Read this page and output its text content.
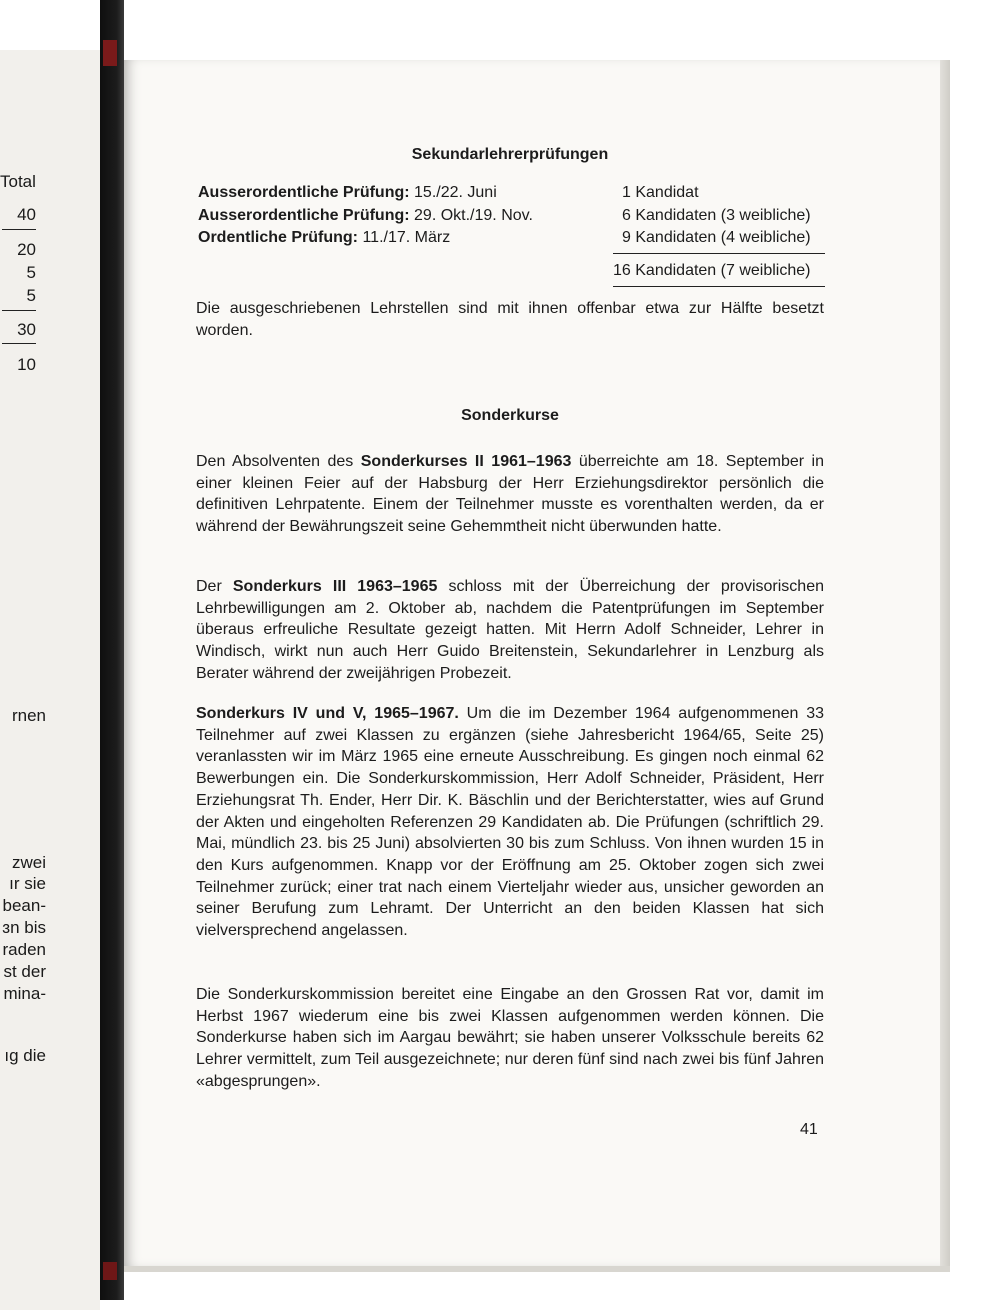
Total
40
20
5
5
30
10
rnen
zwei
ır sie
bean-
ɜn bis
raden
st der
mina-
ıg die
Sekundarlehrerprüfungen
Ausserordentliche Prüfung: 15./22. Juni	1 Kandidat
Ausserordentliche Prüfung: 29. Okt./19. Nov.	6 Kandidaten (3 weibliche)
Ordentliche Prüfung: 11./17. März	9 Kandidaten (4 weibliche)
16 Kandidaten (7 weibliche)

Die ausgeschriebenen Lehrstellen sind mit ihnen offenbar etwa zur Hälfte besetzt worden.

Sonderkurse

Den Absolventen des Sonderkurses II 1961–1963 überreichte am 18. September in einer kleinen Feier auf der Habsburg der Herr Erziehungsdirektor persönlich die definitiven Lehrpatente. Einem der Teilnehmer musste es vorenthalten werden, da er während der Bewährungszeit seine Gehemmtheit nicht überwunden hatte.

Der Sonderkurs III 1963–1965 schloss mit der Überreichung der provisorischen Lehrbewilligungen am 2. Oktober ab, nachdem die Patentprüfungen im September überaus erfreuliche Resultate gezeigt hatten. Mit Herrn Adolf Schneider, Lehrer in Windisch, wirkt nun auch Herr Guido Breitenstein, Sekundarlehrer in Lenzburg als Berater während der zweijährigen Probezeit.

Sonderkurs IV und V, 1965–1967. Um die im Dezember 1964 aufgenommenen 33 Teilnehmer auf zwei Klassen zu ergänzen (siehe Jahresbericht 1964/65, Seite 25) veranlassten wir im März 1965 eine erneute Ausschreibung. Es gingen noch einmal 62 Bewerbungen ein. Die Sonderkurskommission, Herr Adolf Schneider, Präsident, Herr Erziehungsrat Th. Ender, Herr Dir. K. Bäschlin und der Berichterstatter, wies auf Grund der Akten und eingeholten Referenzen 29 Kandidaten ab. Die Prüfungen (schriftlich 29. Mai, mündlich 23. bis 25 Juni) absolvierten 30 bis zum Schluss. Von ihnen wurden 15 in den Kurs aufgenommen. Knapp vor der Eröffnung am 25. Oktober zogen sich zwei Teilnehmer zurück; einer trat nach einem Vierteljahr wieder aus, unsicher geworden an seiner Berufung zum Lehramt. Der Unterricht an den beiden Klassen hat sich vielversprechend angelassen.

Die Sonderkurskommission bereitet eine Eingabe an den Grossen Rat vor, damit im Herbst 1967 wiederum eine bis zwei Klassen aufgenommen werden können. Die Sonderkurse haben sich im Aargau bewährt; sie haben unserer Volksschule bereits 62 Lehrer vermittelt, zum Teil ausgezeichnete; nur deren fünf sind nach zwei bis fünf Jahren «abgesprungen».

41
